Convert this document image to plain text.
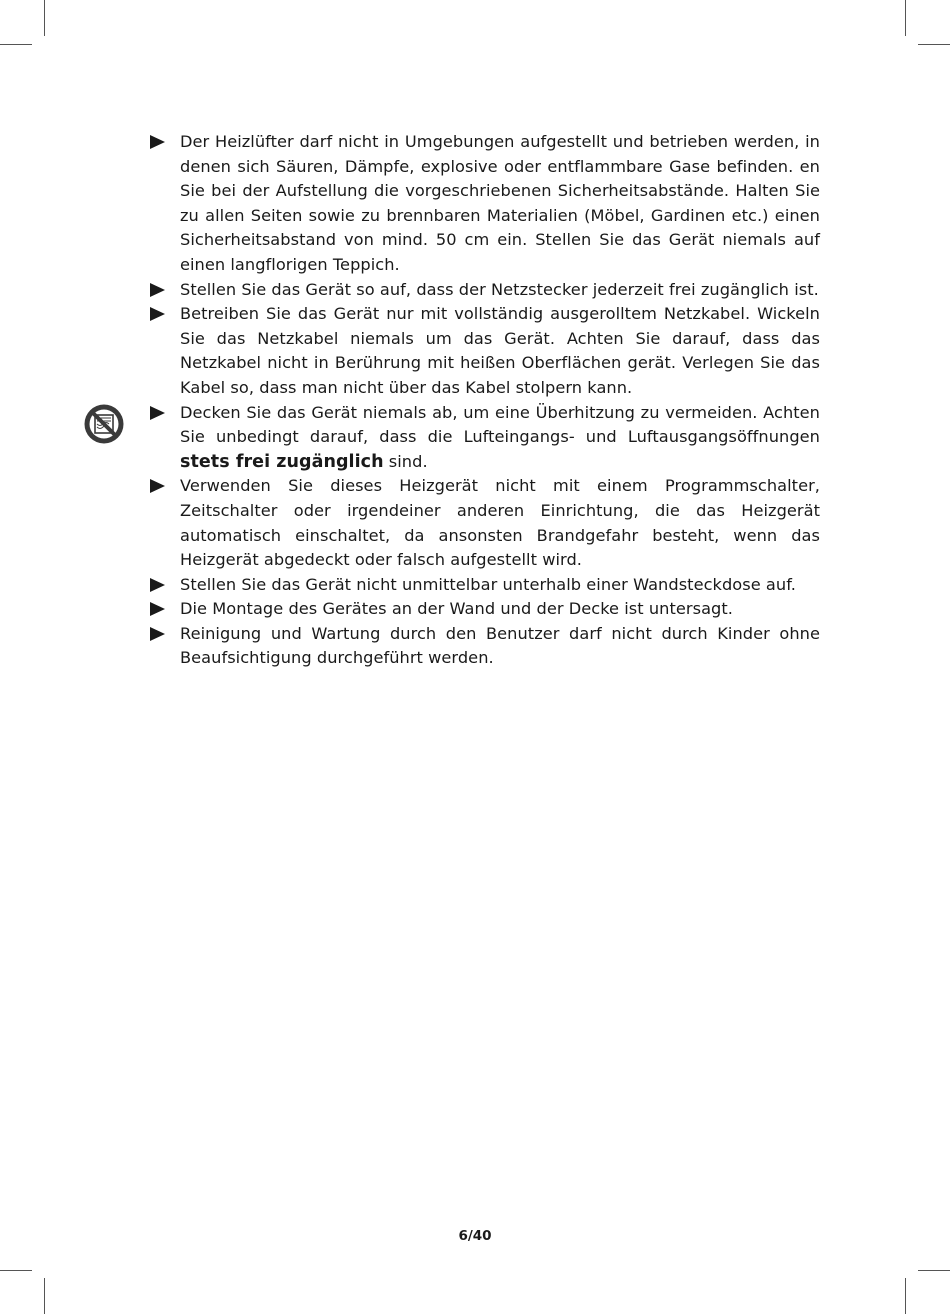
Der Heizlüfter darf nicht in Umgebungen aufgestellt und betrieben werden, in denen sich Säuren, Dämpfe, explosive oder entflammbare Gase befinden. en Sie bei der Aufstellung die vorgeschriebenen Sicherheitsabstände. Halten Sie zu allen Seiten sowie zu brennbaren Materialien (Möbel, Gardinen etc.) einen Sicherheitsabstand von mind. 50 cm ein. Stellen Sie das Gerät niemals auf einen langflorigen Teppich.
Stellen Sie das Gerät so auf, dass der Netzstecker jederzeit frei zugänglich ist.
Betreiben Sie das Gerät nur mit vollständig ausgerolltem Netzkabel. Wickeln Sie das Netzkabel niemals um das Gerät. Achten Sie darauf, dass das Netzkabel nicht in Berührung mit heißen Oberflächen gerät. Verlegen Sie das Kabel so, dass man nicht über das Kabel stolpern kann.
Decken Sie das Gerät niemals ab, um eine Überhitzung zu vermeiden. Achten Sie unbedingt darauf, dass die Lufteingangs- und Luftausgangsöffnungen stets frei zugänglich sind.
Verwenden Sie dieses Heizgerät nicht mit einem Programmschalter, Zeitschalter oder irgendeiner anderen Einrichtung, die das Heizgerät automatisch einschaltet, da ansonsten Brandgefahr besteht, wenn das Heizgerät abgedeckt oder falsch aufgestellt wird.
Stellen Sie das Gerät nicht unmittelbar unterhalb einer Wandsteckdose auf.
Die Montage des Gerätes an der Wand und der Decke ist untersagt.
Reinigung und Wartung durch den Benutzer darf nicht durch Kinder ohne Beaufsichtigung durchgeführt werden.
6/40
